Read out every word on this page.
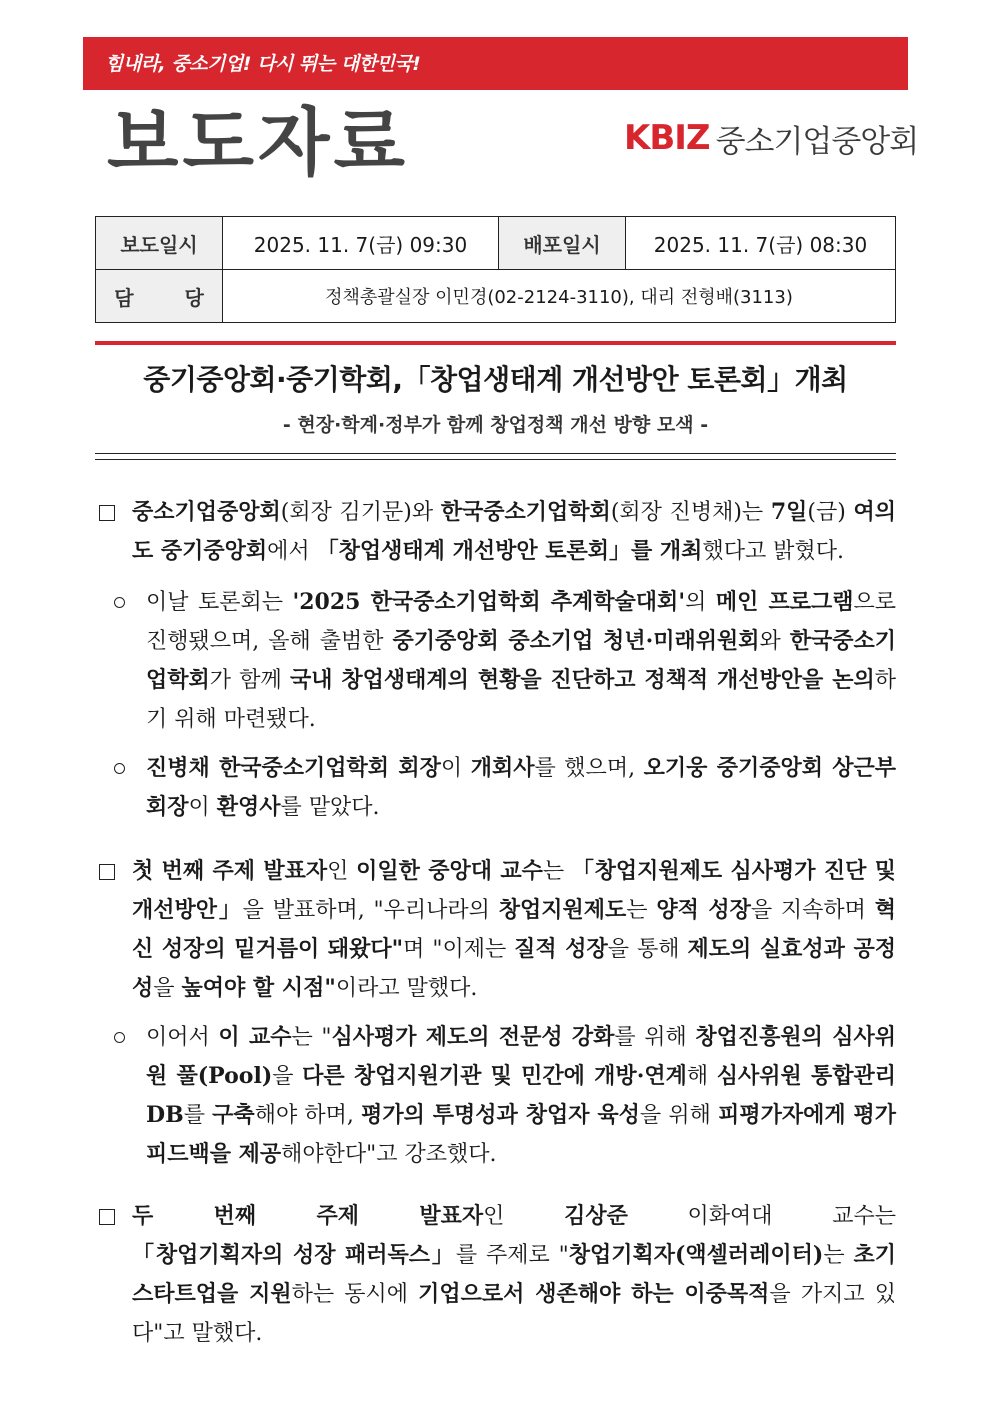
힘내라, 중소기업! 다시 뛰는 대한민국!
보도자료	KBIZ 중소기업중앙회
보도일시	2025. 11. 7(금) 09:30	배포일시	2025. 11. 7(금) 08:30
담 당	정책총괄실장 이민경(02-2124-3110), 대리 전형배(3113)		
중기중앙회·중기학회,「창업생태계 개선방안 토론회」개최
- 현장·학계·정부가 함께 창업정책 개선 방향 모색 -
중소기업중앙회(회장 김기문)와 한국중소기업학회(회장 진병채)는 7일(금) 여의도 중기중앙회에서 「창업생태계 개선방안 토론회」를 개최했다고 밝혔다.
이날 토론회는 '2025 한국중소기업학회 추계학술대회'의 메인 프로그램으로 진행됐으며, 올해 출범한 중기중앙회 중소기업 청년·미래위원회와 한국중소기업학회가 함께 국내 창업생태계의 현황을 진단하고 정책적 개선방안을 논의하기 위해 마련됐다.
진병채 한국중소기업학회 회장이 개회사를 했으며, 오기웅 중기중앙회 상근부회장이 환영사를 맡았다.
첫 번째 주제 발표자인 이일한 중앙대 교수는 「창업지원제도 심사평가 진단 및 개선방안」을 발표하며, "우리나라의 창업지원제도는 양적 성장을 지속하며 혁신 성장의 밑거름이 돼왔다"며 "이제는 질적 성장을 통해 제도의 실효성과 공정성을 높여야 할 시점"이라고 말했다.
이어서 이 교수는 "심사평가 제도의 전문성 강화를 위해 창업진흥원의 심사위원 풀(Pool)을 다른 창업지원기관 및 민간에 개방·연계해 심사위원 통합관리 DB를 구축해야 하며, 평가의 투명성과 창업자 육성을 위해 피평가자에게 평가 피드백을 제공해야한다"고 강조했다.
두 번째 주제 발표자인 김상준 이화여대 교수는 「창업기획자의 성장 패러독스」를 주제로 "창업기획자(액셀러레이터)는 초기 스타트업을 지원하는 동시에 기업으로서 생존해야 하는 이중목적을 가지고 있다"고 말했다.
